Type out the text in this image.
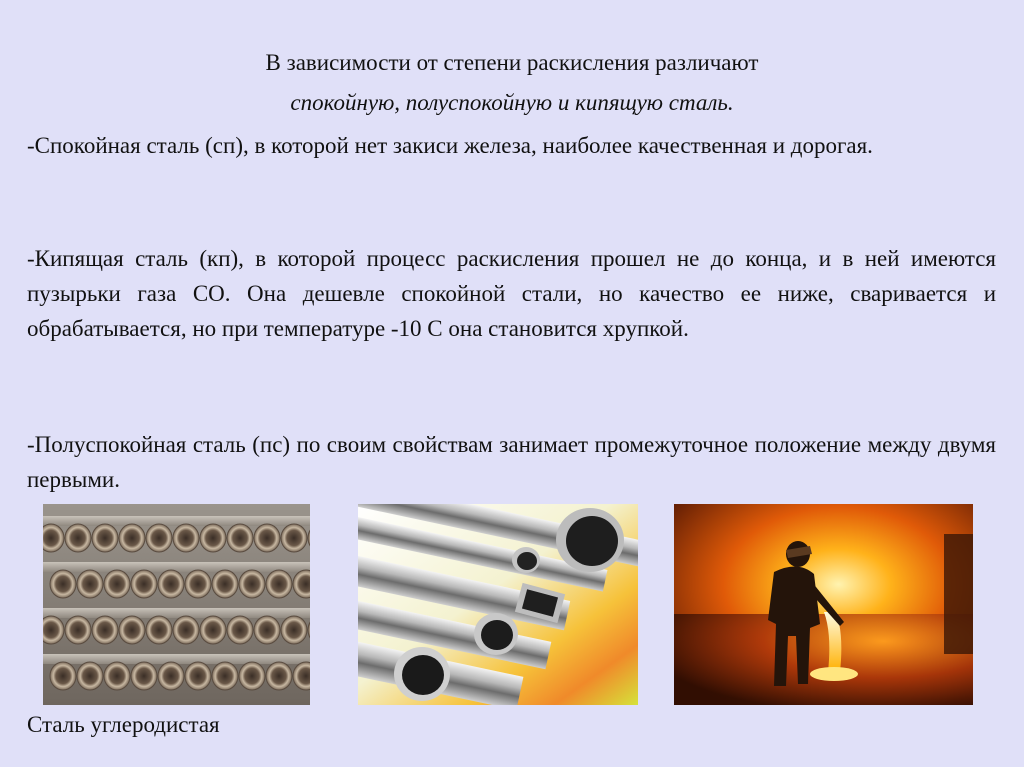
В зависимости от степени раскисления различают

спокойную, полуспокойную и кипящую сталь.

-Спокойная сталь (сп), в которой нет закиси железа, наиболее качественная и дорогая.

-Кипящая сталь (кп), в которой процесс раскисления прошел не до конца, и в ней имеются пузырьки газа СО. Она дешевле спокойной стали, но качество ее ниже, сваривается и обрабатывается, но при температуре -10 С она становится хрупкой.

-Полуспокойная сталь (пс) по своим свойствам занимает промежуточное положение между двумя первыми.

Сталь углеродистая
